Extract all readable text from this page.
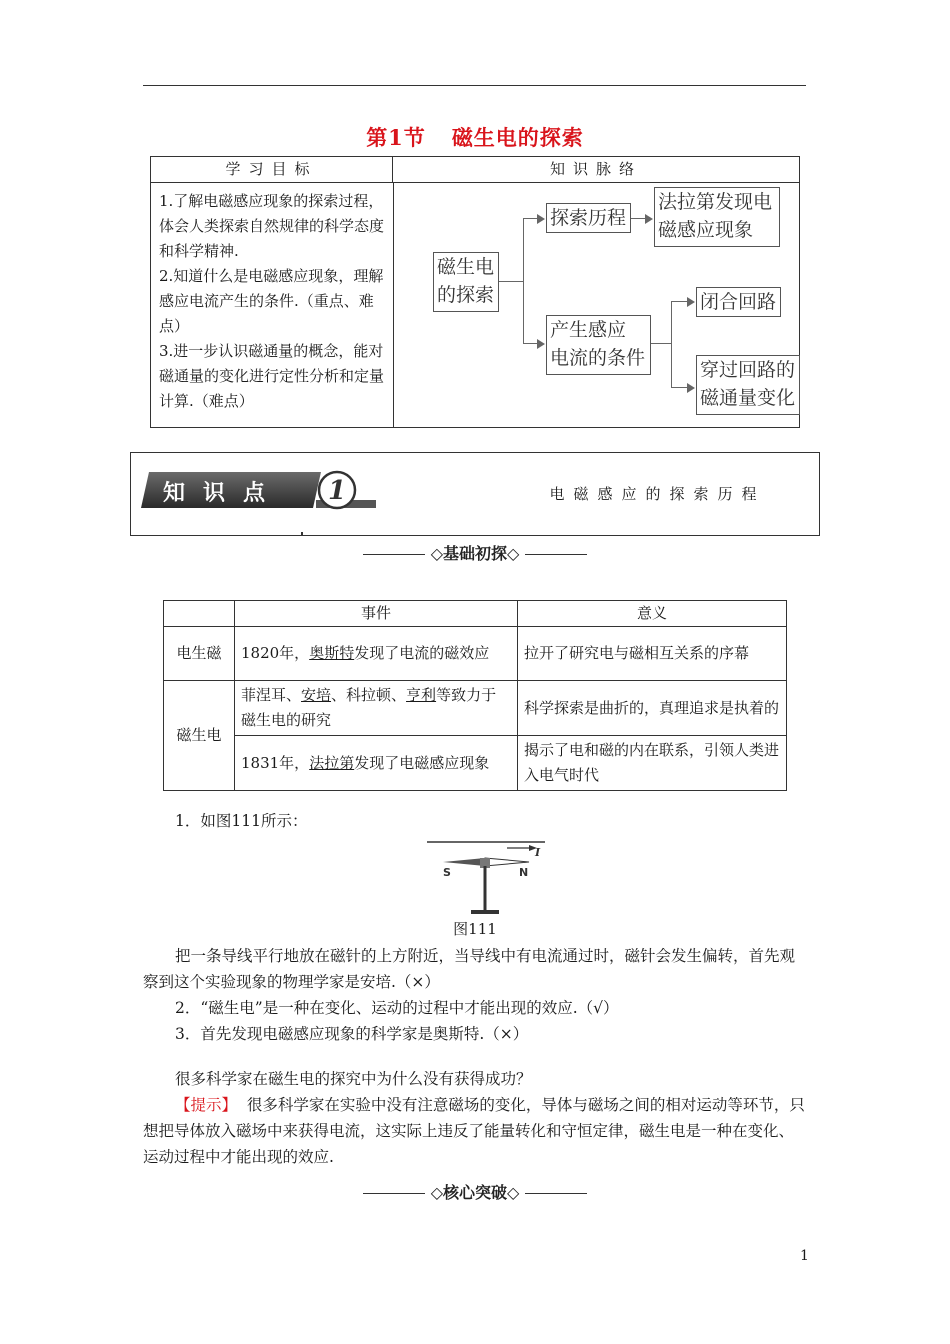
第1节 磁生电的探索
学习目标	知识脉络
1.了解电磁感应现象的探索过程，
体会人类探索自然规律的科学态度
和科学精神.
2.知道什么是电磁感应现象，理解
感应电流产生的条件.（重点、难
点）
3.进一步认识磁通量的概念，能对
磁通量的变化进行定性分析和定量
计算.（难点）
磁生电
的探索
探索历程
法拉第发现电
磁感应现象
产生感应
电流的条件
闭合回路
穿过回路的
磁通量变化
知识点 1	电磁感应的探索历程
◇基础初探◇
	事件	意义
电生磁	1820年，奥斯特发现了电流的磁效应	拉开了研究电与磁相互关系的序幕
磁生电	菲涅耳、安培、科拉顿、亨利等致力于磁生电的研究	科学探索是曲折的，真理追求是执着的
	1831年，法拉第发现了电磁感应现象	揭示了电和磁的内在联系，引领人类进入电气时代
1．如图111所示：
I
S	N
图111
把一条导线平行地放在磁针的上方附近，当导线中有电流通过时，磁针会发生偏转，首先观察到这个实验现象的物理学家是安培.（×）
2．“磁生电”是一种在变化、运动的过程中才能出现的效应.（√）
3．首先发现电磁感应现象的科学家是奥斯特.（×）
很多科学家在磁生电的探究中为什么没有获得成功？
【提示】 很多科学家在实验中没有注意磁场的变化，导体与磁场之间的相对运动等环节，只想把导体放入磁场中来获得电流，这实际上违反了能量转化和守恒定律，磁生电是一种在变化、运动过程中才能出现的效应.
◇核心突破◇
1
